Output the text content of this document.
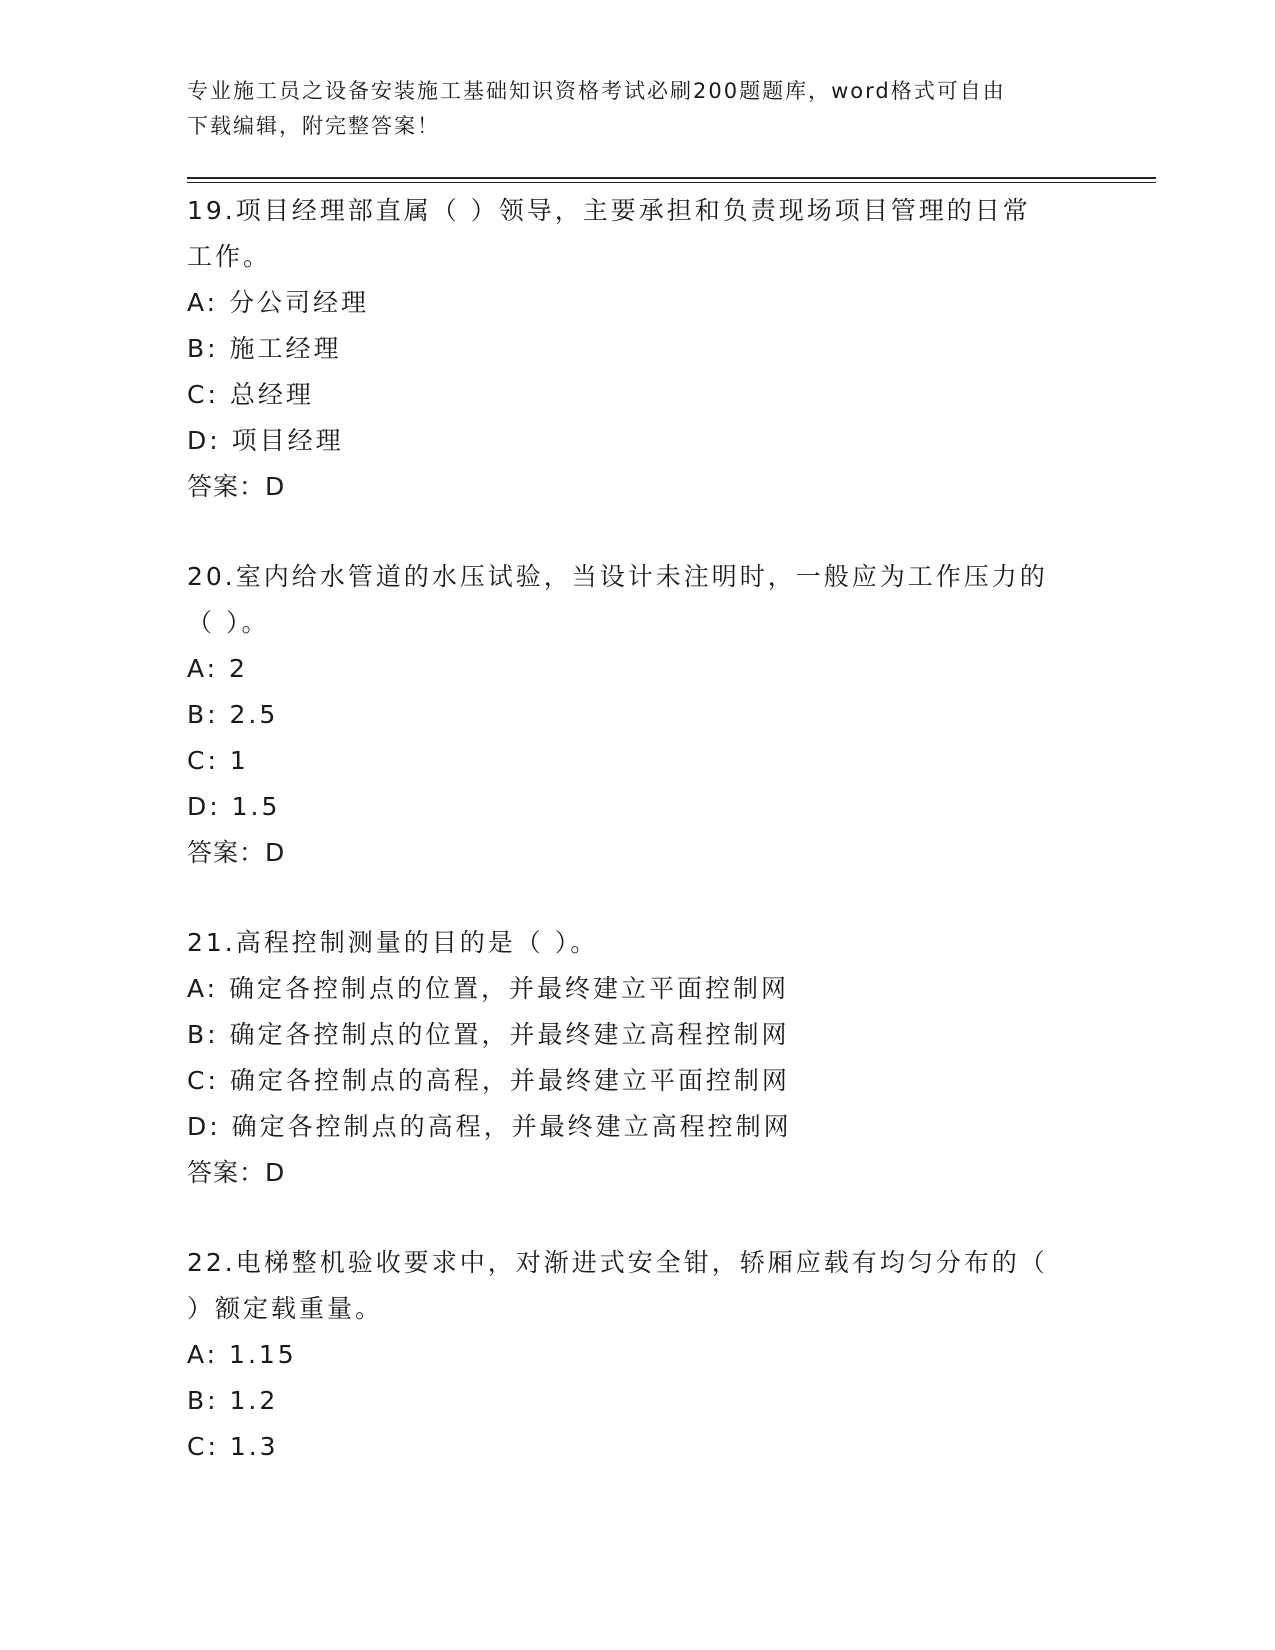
专业施工员之设备安装施工基础知识资格考试必刷200题题库，word格式可自由
下载编辑，附完整答案！
19.项目经理部直属（ ）领导，主要承担和负责现场项目管理的日常
工作。
A: 分公司经理
B: 施工经理
C: 总经理
D: 项目经理
答案：D
20.室内给水管道的水压试验，当设计未注明时，一般应为工作压力的
（ ）。
A: 2
B: 2.5
C: 1
D: 1.5
答案：D
21.高程控制测量的目的是（ ）。
A: 确定各控制点的位置，并最终建立平面控制网
B: 确定各控制点的位置，并最终建立高程控制网
C: 确定各控制点的高程，并最终建立平面控制网
D: 确定各控制点的高程，并最终建立高程控制网
答案：D
22.电梯整机验收要求中，对渐进式安全钳，轿厢应载有均匀分布的（
）额定载重量。
A: 1.15
B: 1.2
C: 1.3
